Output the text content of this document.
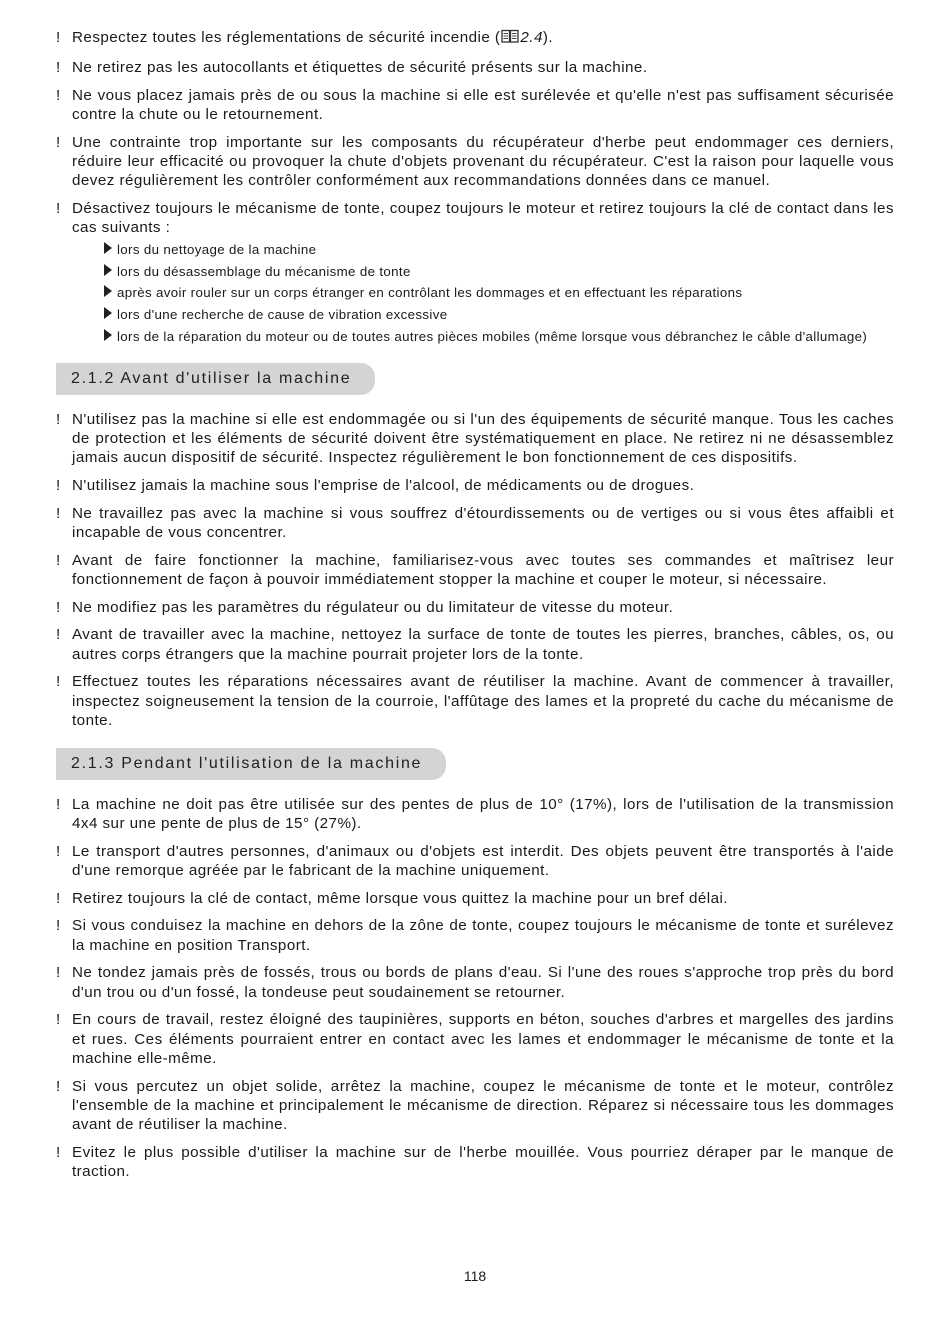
! Respectez toutes les réglementations de sécurité incendie ( 2.4).
! Ne retirez pas les autocollants et étiquettes de sécurité présents sur la machine.
! Ne vous placez jamais près de ou sous la machine si elle est surélevée et qu'elle n'est pas suffisament sécurisée contre la chute ou le retournement.
! Une contrainte trop importante sur les composants du récupérateur d'herbe peut endommager ces derniers, réduire leur efficacité ou provoquer la chute d'objets provenant du récupérateur. C'est la raison pour laquelle vous devez régulièrement les contrôler conformément aux recommandations données dans ce manuel.
! Désactivez toujours le mécanisme de tonte, coupez toujours le moteur et retirez toujours la clé de contact dans les cas suivants :
lors du nettoyage de la machine
lors du désassemblage du mécanisme de tonte
après avoir rouler sur un corps étranger en contrôlant les dommages et en effectuant les réparations
lors d'une recherche de cause de vibration excessive
lors de la réparation du moteur ou de toutes autres pièces mobiles (même lorsque vous débranchez le câble d'allumage)
2.1.2 Avant d'utiliser la machine
! N'utilisez pas la machine si elle est endommagée ou si l'un des équipements de sécurité manque. Tous les caches de protection et les éléments de sécurité doivent être systématiquement en place. Ne retirez ni ne désassemblez jamais aucun dispositif de sécurité. Inspectez régulièrement le bon fonctionnement de ces dispositifs.
! N'utilisez jamais la machine sous l'emprise de l'alcool, de médicaments ou de drogues.
! Ne travaillez pas avec la machine si vous souffrez d'étourdissements ou de vertiges ou si vous êtes affaibli et incapable de vous concentrer.
! Avant de faire fonctionner la machine, familiarisez-vous avec toutes ses commandes et maîtrisez leur fonctionnement de façon à pouvoir immédiatement stopper la machine et couper le moteur, si nécessaire.
! Ne modifiez pas les paramètres du régulateur ou du limitateur de vitesse du moteur.
! Avant de travailler avec la machine, nettoyez la surface de tonte de toutes les pierres, branches, câbles, os, ou autres corps étrangers que la machine pourrait projeter lors de la tonte.
! Effectuez toutes les réparations nécessaires avant de réutiliser la machine. Avant de commencer à travailler, inspectez soigneusement la tension de la courroie, l'affûtage des lames et la propreté du cache du mécanisme de tonte.
2.1.3 Pendant l'utilisation de la machine
! La machine ne doit pas être utilisée sur des pentes de plus de 10° (17%), lors de l'utilisation de la transmission 4x4 sur une pente de plus de 15° (27%).
! Le transport d'autres personnes, d'animaux ou d'objets est interdit. Des objets peuvent être transportés à l'aide d'une remorque agréée par le fabricant de la machine uniquement.
! Retirez toujours la clé de contact, même lorsque vous quittez la machine pour un bref délai.
! Si vous conduisez la machine en dehors de la zône de tonte, coupez toujours le mécanisme de tonte et surélevez la machine en position Transport.
! Ne tondez jamais près de fossés, trous ou bords de plans d'eau. Si l'une des roues s'approche trop près du bord d'un trou ou d'un fossé, la tondeuse peut soudainement se retourner.
! En cours de travail, restez éloigné des taupinières, supports en béton, souches d'arbres et margelles des jardins et rues. Ces éléments pourraient entrer en contact avec les lames et endommager le mécanisme de tonte et la machine elle-même.
! Si vous percutez un objet solide, arrêtez la machine, coupez le mécanisme de tonte et le moteur, contrôlez l'ensemble de la machine et principalement le mécanisme de direction. Réparez si nécessaire tous les dommages avant de réutiliser la machine.
! Evitez le plus possible d'utiliser la machine sur de l'herbe mouillée. Vous pourriez déraper par le manque de traction.
118
